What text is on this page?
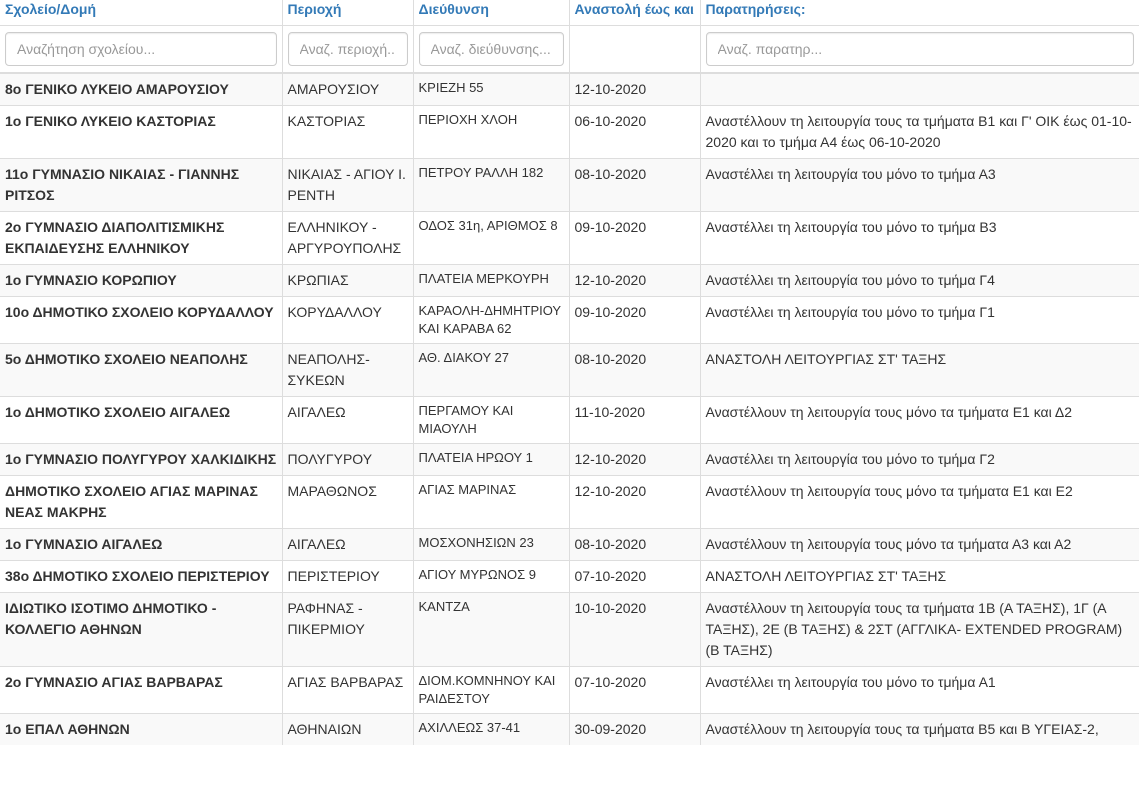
Σχολείο/Δομή	Περιοχή	Διεύθυνση	Αναστολή έως και	Παρατηρήσεις:
Αναζήτηση σχολείου...	Αναζ. περιοχή...	Αναζ. διεύθυνσης...		Αναζ. παρατηρ...
8ο ΓΕΝΙΚΟ ΛΥΚΕΙΟ ΑΜΑΡΟΥΣΙΟΥ	ΑΜΑΡΟΥΣΙΟΥ	ΚΡΙΕΖΗ 55	12-10-2020	
1ο ΓΕΝΙΚΟ ΛΥΚΕΙΟ ΚΑΣΤΟΡΙΑΣ	ΚΑΣΤΟΡΙΑΣ	ΠΕΡΙΟΧΗ ΧΛΟΗ	06-10-2020	Αναστέλλουν τη λειτουργία τους τα τμήματα Β1 και Γ' ΟΙΚ έως 01-10-2020 και το τμήμα Α4 έως 06-10-2020
11ο ΓΥΜΝΑΣΙΟ ΝΙΚΑΙΑΣ - ΓΙΑΝΝΗΣ ΡΙΤΣΟΣ	ΝΙΚΑΙΑΣ - ΑΓΙΟΥ Ι. ΡΕΝΤΗ	ΠΕΤΡΟΥ ΡΑΛΛΗ 182	08-10-2020	Αναστέλλει τη λειτουργία του μόνο το τμήμα Α3
2ο ΓΥΜΝΑΣΙΟ ΔΙΑΠΟΛΙΤΙΣΜΙΚΗΣ ΕΚΠΑΙΔΕΥΣΗΣ ΕΛΛΗΝΙΚΟΥ	ΕΛΛΗΝΙΚΟΥ - ΑΡΓΥΡΟΥΠΟΛΗΣ	ΟΔΟΣ 31η, ΑΡΙΘΜΟΣ 8	09-10-2020	Αναστέλλει τη λειτουργία του μόνο το τμήμα Β3
1ο ΓΥΜΝΑΣΙΟ ΚΟΡΩΠΙΟΥ	ΚΡΩΠΙΑΣ	ΠΛΑΤΕΙΑ ΜΕΡΚΟΥΡΗ	12-10-2020	Αναστέλλει τη λειτουργία του μόνο το τμήμα Γ4
10ο ΔΗΜΟΤΙΚΟ ΣΧΟΛΕΙΟ ΚΟΡΥΔΑΛΛΟΥ	ΚΟΡΥΔΑΛΛΟΥ	ΚΑΡΑΟΛΗ-ΔΗΜΗΤΡΙΟΥ ΚΑΙ ΚΑΡΑΒΑ 62	09-10-2020	Αναστέλλει τη λειτουργία του μόνο το τμήμα Γ1
5ο ΔΗΜΟΤΙΚΟ ΣΧΟΛΕΙΟ ΝΕΑΠΟΛΗΣ	ΝΕΑΠΟΛΗΣ-ΣΥΚΕΩΝ	ΑΘ. ΔΙΑΚΟΥ 27	08-10-2020	ΑΝΑΣΤΟΛΗ ΛΕΙΤΟΥΡΓΙΑΣ ΣΤ' ΤΑΞΗΣ
1ο ΔΗΜΟΤΙΚΟ ΣΧΟΛΕΙΟ ΑΙΓΑΛΕΩ	ΑΙΓΑΛΕΩ	ΠΕΡΓΑΜΟΥ ΚΑΙ ΜΙΑΟΥΛΗ	11-10-2020	Αναστέλλουν τη λειτουργία τους μόνο τα τμήματα Ε1 και Δ2
1ο ΓΥΜΝΑΣΙΟ ΠΟΛΥΓΥΡΟΥ ΧΑΛΚΙΔΙΚΗΣ	ΠΟΛΥΓΥΡΟΥ	ΠΛΑΤΕΙΑ ΗΡΩΟΥ 1	12-10-2020	Αναστέλλει τη λειτουργία του μόνο το τμήμα Γ2
ΔΗΜΟΤΙΚΟ ΣΧΟΛΕΙΟ ΑΓΙΑΣ ΜΑΡΙΝΑΣ ΝΕΑΣ ΜΑΚΡΗΣ	ΜΑΡΑΘΩΝΟΣ	ΑΓΙΑΣ ΜΑΡΙΝΑΣ	12-10-2020	Αναστέλλουν τη λειτουργία τους μόνο τα τμήματα Ε1 και Ε2
1ο ΓΥΜΝΑΣΙΟ ΑΙΓΑΛΕΩ	ΑΙΓΑΛΕΩ	ΜΟΣΧΟΝΗΣΙΩΝ 23	08-10-2020	Αναστέλλουν τη λειτουργία τους μόνο τα τμήματα Α3 και Α2
38ο ΔΗΜΟΤΙΚΟ ΣΧΟΛΕΙΟ ΠΕΡΙΣΤΕΡΙΟΥ	ΠΕΡΙΣΤΕΡΙΟΥ	ΑΓΙΟΥ ΜΥΡΩΝΟΣ 9	07-10-2020	ΑΝΑΣΤΟΛΗ ΛΕΙΤΟΥΡΓΙΑΣ ΣΤ' ΤΑΞΗΣ
ΙΔΙΩΤΙΚΟ ΙΣΟΤΙΜΟ ΔΗΜΟΤΙΚΟ - ΚΟΛΛΕΓΙΟ ΑΘΗΝΩΝ	ΡΑΦΗΝΑΣ - ΠΙΚΕΡΜΙΟΥ	ΚΑΝΤΖΑ	10-10-2020	Αναστέλλουν τη λειτουργία τους τα τμήματα 1Β (Α ΤΑΞΗΣ), 1Γ (Α ΤΑΞΗΣ), 2Ε (Β ΤΑΞΗΣ) & 2ΣΤ (ΑΓΓΛΙΚΑ- EXTENDED PROGRAM) (Β ΤΑΞΗΣ)
2ο ΓΥΜΝΑΣΙΟ ΑΓΙΑΣ ΒΑΡΒΑΡΑΣ	ΑΓΙΑΣ ΒΑΡΒΑΡΑΣ	ΔΙΟΜ.ΚΟΜΝΗΝΟΥ ΚΑΙ ΡΑΙΔΕΣΤΟΥ	07-10-2020	Αναστέλλει τη λειτουργία του μόνο το τμήμα Α1
1ο ΕΠΑΛ ΑΘΗΝΩΝ	ΑΘΗΝΑΙΩΝ	ΑΧΙΛΛΕΩΣ 37-41	30-09-2020	Αναστέλλουν τη λειτουργία τους τα τμήματα Β5 και Β ΥΓΕΙΑΣ-2,
